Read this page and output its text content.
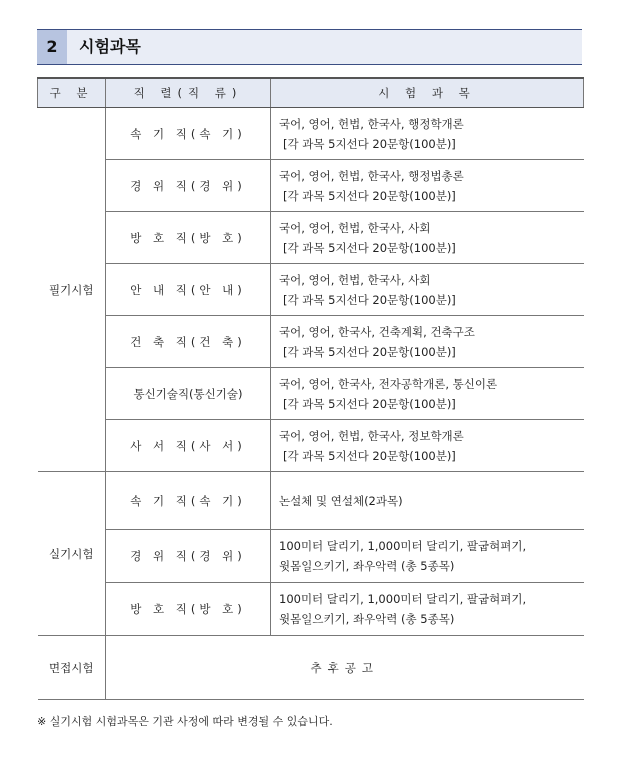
2	시험과목
구 분	직 렬(직 류)	시 험 과 목
필기시험	속 기 직(속 기)	국어, 영어, 헌법, 한국사, 행정학개론
[각 과목 5지선다 20문항(100분)]

	경 위 직(경 위)	국어, 영어, 헌법, 한국사, 행정법총론
[각 과목 5지선다 20문항(100분)]

	방 호 직(방 호)	국어, 영어, 헌법, 한국사, 사회
[각 과목 5지선다 20문항(100분)]

	안 내 직(안 내)	국어, 영어, 헌법, 한국사, 사회
[각 과목 5지선다 20문항(100분)]

	건 축 직(건 축)	국어, 영어, 한국사, 건축계획, 건축구조
[각 과목 5지선다 20문항(100분)]

	통신기술직(통신기술)	국어, 영어, 한국사, 전자공학개론, 통신이론
[각 과목 5지선다 20문항(100분)]

	사 서 직(사 서)	국어, 영어, 헌법, 한국사, 정보학개론
[각 과목 5지선다 20문항(100분)]

실기시험	속 기 직(속 기)	논설체 및 연설체(2과목)

	경 위 직(경 위)	100미터 달리기, 1,000미터 달리기, 팔굽혀펴기,
윗몸일으키기, 좌우악력 (총 5종목)

	방 호 직(방 호)	100미터 달리기, 1,000미터 달리기, 팔굽혀펴기,
윗몸일으키기, 좌우악력 (총 5종목)

면접시험	추후공고	
※ 실기시험 시험과목은 기관 사정에 따라 변경될 수 있습니다.
